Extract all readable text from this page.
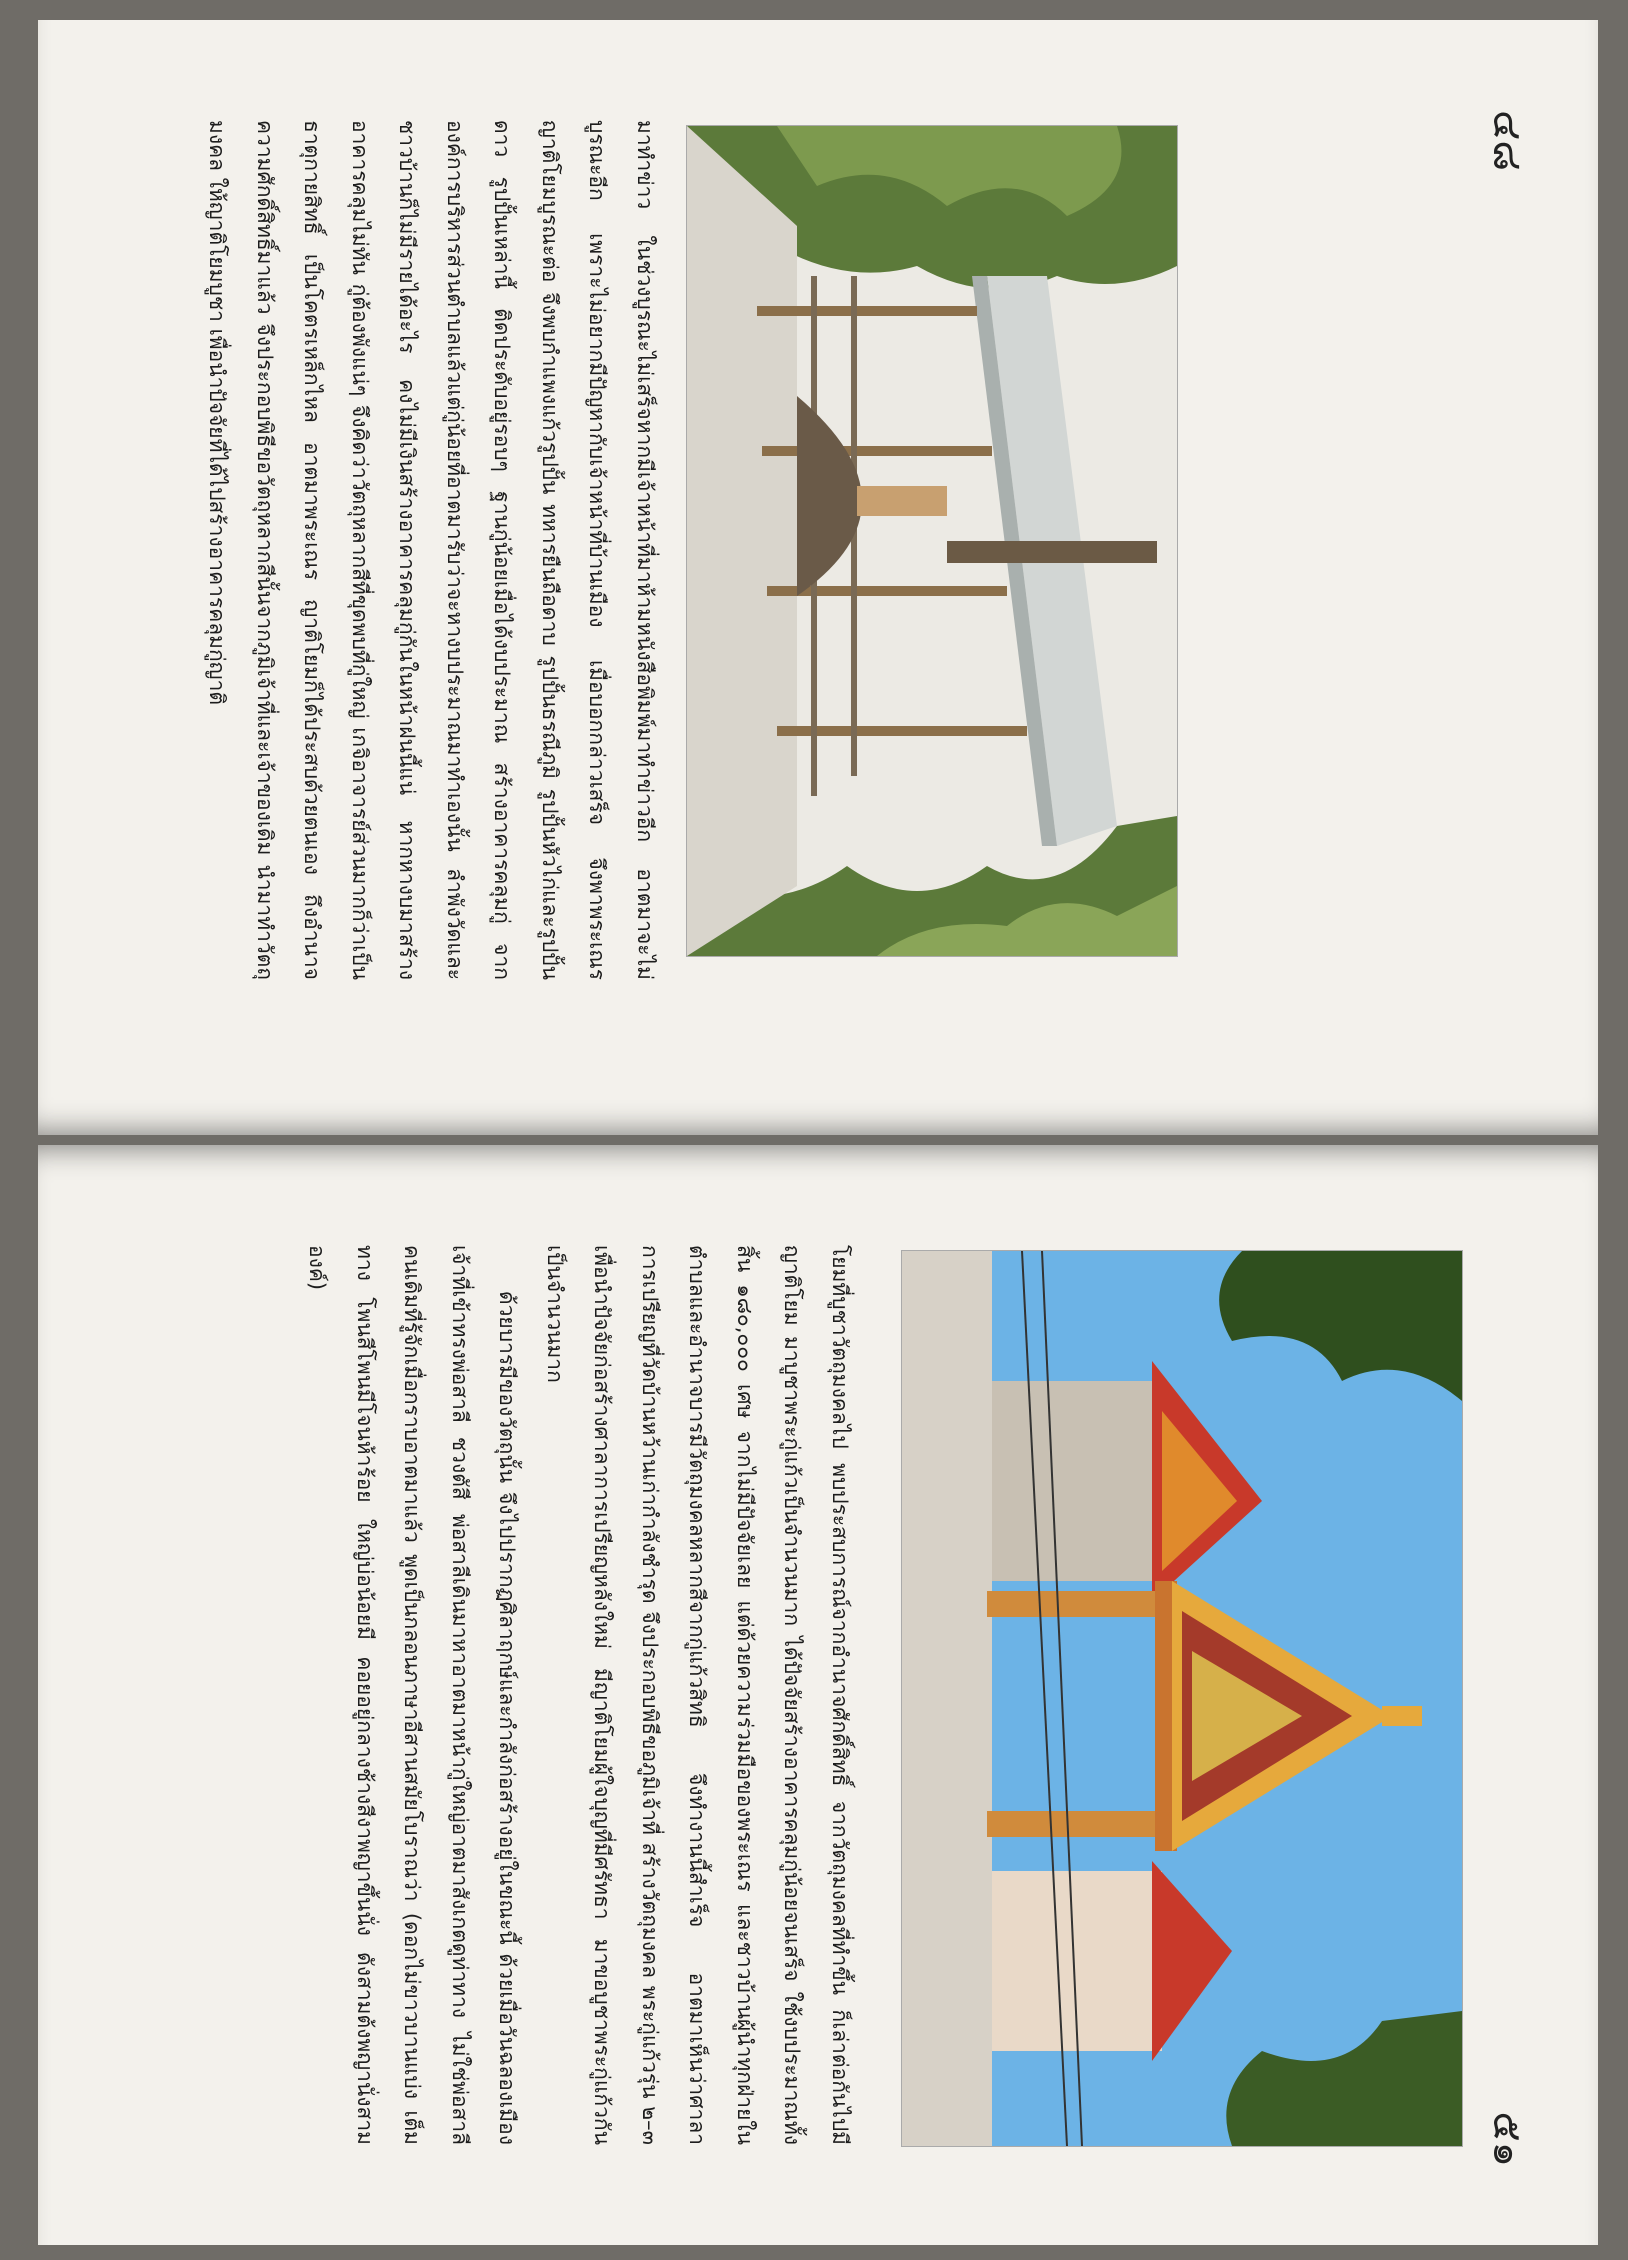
๔๘

มาทำข่าว ในช่วงบูรณะไม่เสร็จหากมีเจ้าหน้าที่มาห้ามหนังสือพิมพ์มาทำข่าวอีก อาตมาจะไม่บูรณะอีก เพราะไม่อยากมีปัญหากับเจ้าหน้าที่บ้านเมือง เมื่อบอกกล่าวเสร็จ จึงพาพระเณรญาติโยมบูรณะต่อ จึงพบกำแพงแก้วรูปปั้น ทหารยืนถือดาบ รูปปั้นธรณีภูมิ รูปปั้นหัวไก่และรูปปั้นดาว รูปปั้นเหล่านี้ ติดประดับอยู่รอบๆ ฐานกู่น้อยเมื่อได้งบประมาณ สร้างอาคารคลุมกู่ จากองค์การบริหารส่วนตำบลแล้วแต่กู่น้อยที่อาตมารับว่าจะหางบประมาณมาทำเองนั้น ลำพังวัดและชาวบ้านก็ไม่มีรายได้อะไร คงไม่มีเงินสร้างอาคารคลุมกู่กันในหน้าฝนนี้แน่ หากหางบมาสร้างอาคารคลุมไม่ทัน กู่ต้องพังแน่ๆ จึงคิดว่าวัตถุหลากสีที่ขุดพบที่กู่ใหญ่ เกจิอาจารย์ส่วนมากก็ว่าเป็นธาตุกายสิทธิ์ เป็นโคตรเหล็กไหล อาตมาพระเณร ญาติโยมก็ได้ประสบด้วยตนเอง ถึงอำนาจความศักดิ์สิทธิ์มาแล้ว จึงประกอบพิธีขอวัตถุหลากสีนั้นจากภูมิเจ้าที่และเจ้าของเดิม นำมาทำวัตถุมงคล ให้ญาติโยมบูชา เพื่อนำปัจจัยที่ได้ไปสร้างอาคารคลุมกู่ญาติ

๕๑

โยมที่บูชาวัตถุมงคลไป พบประสบการณ์จากอำนาจศักดิ์สิทธิ์ จากวัตถุมงคลที่ทำขึ้น ก็เล่าต่อกันไปมีญาติโยม มาบูชาพระกู่แก้วเป็นจำนวนมาก ได้ปัจจัยสร้างอาคารคลุมกู่น้อยจนเสร็จ ใช้งบประมาณทั้งสิ้น ๑๘๐,๐๐๐ เศษ จากไม่มีปัจจัยเลย แต่ด้วยความร่วมมือของพระเณร และชาวบ้านผู้นำทุกฝ่ายในตำบลและอำนาจบารมีวัตถุมงคลหลากสีจากกู่แก้วสิทธิ จึงทำงานนี้สำเร็จ อาตมาเห็นว่าศาลาการเปรียญที่วัดบ้านหว้านเก่ากำลังชำรุด จึงประกอบพิธีขอภูมิเจ้าที่ สร้างวัตถุมงคล พระกู่แก้วรุ่น ๒–๓ เพื่อนำปัจจัยก่อสร้างศาลาการเปรียญหลังใหม่ มีญาติโยมผู้ใจบุญที่มีศรัทธา มาขอบูชาพระกู่แก้วกันเป็นจำนวนมาก

ด้วยบารมีของวัตถุนั้น จึงไปปรากฏศิลาฤกษ์และกำลังก่อสร้างอยู่ในขณะนี้ ด้วยเมื่อวันฉลองเมืองเจ้าที่เข้าทรงพ่อสาลี ชวงตัสี พ่อสาลีเดินมาหาอาตมาหน้ากู่ใหญ่อาตมาสังเกตดูท่าทาง ไม่ใช่พ่อสาลีคนเดิมที่รู้จักเมื่อกราบอาตมาแล้ว พูดเป็นกลอนภาษาอีสานสมัยโบราณว่า (ดอกไม่ขาวบานแบ่ง เต็มทาง โพนสีโพนมีโจนห้าร้อย ใหญ่บ่อน้อยมี คอยอยู่กลางช้างสีงาพญาขึ้นนั่ง ดังสามต้งพญานั่งสามองค์)
